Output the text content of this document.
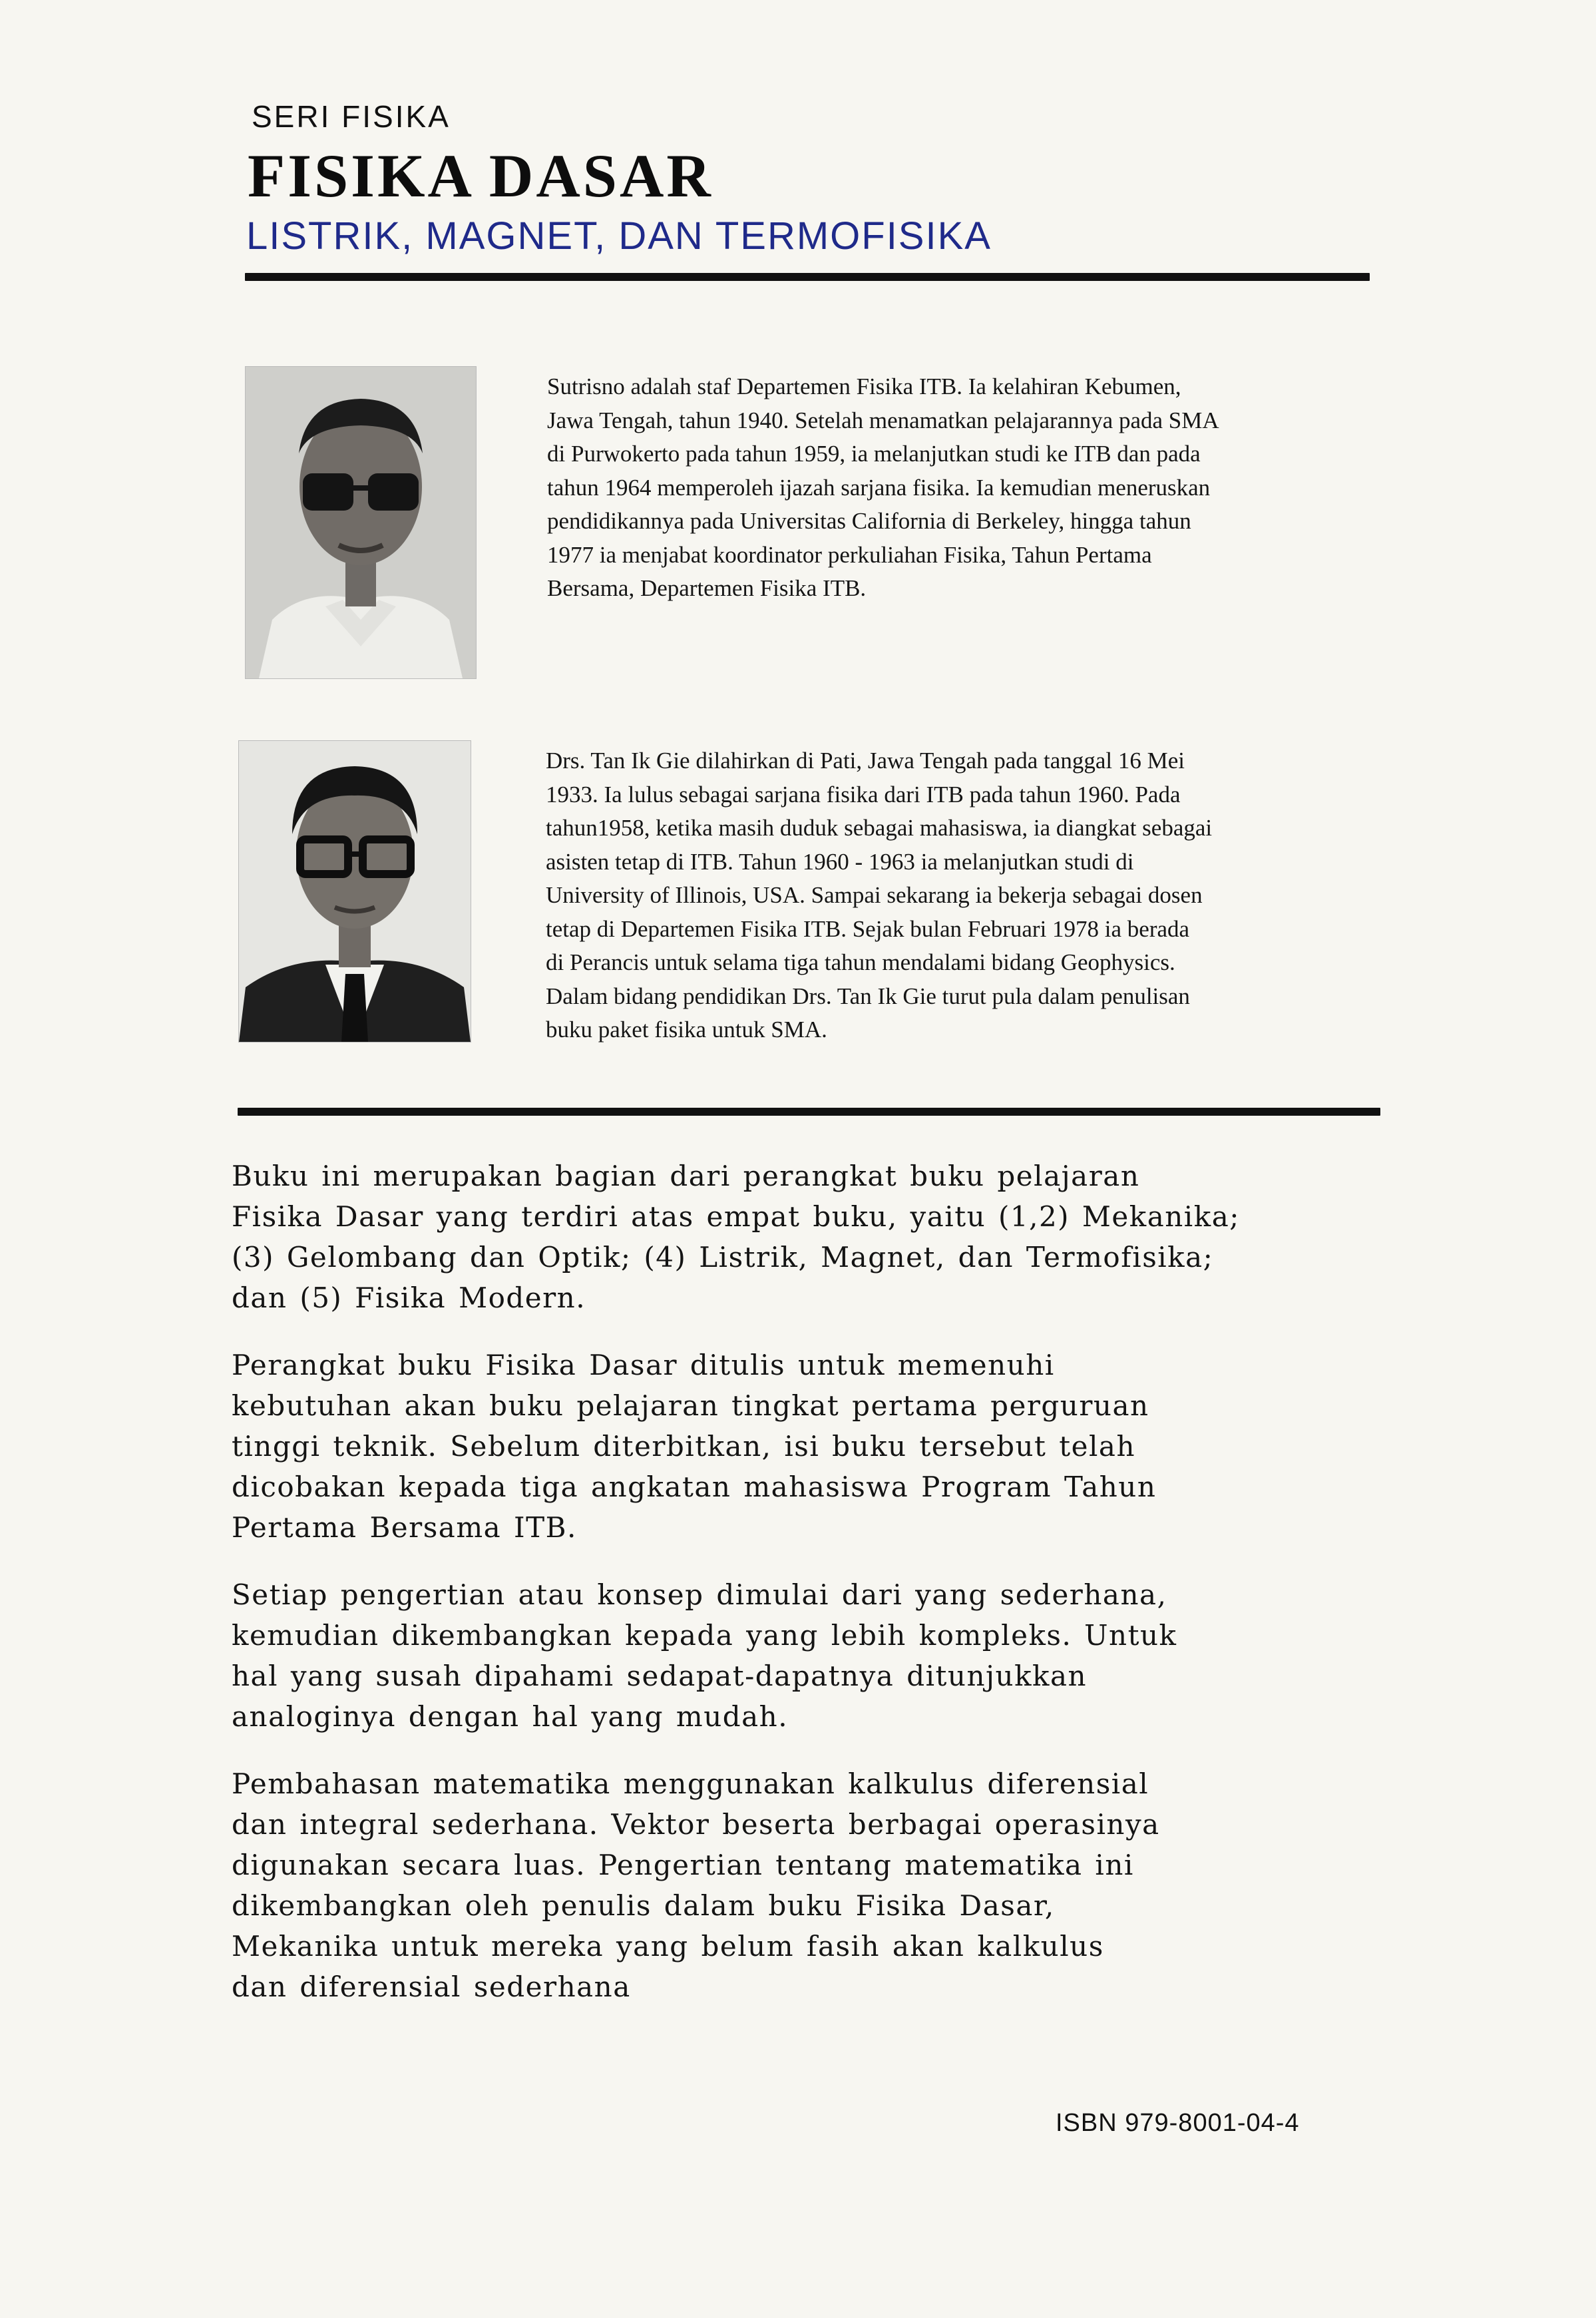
SERI FISIKA
FISIKA DASAR
LISTRIK, MAGNET, DAN TERMOFISIKA
Sutrisno adalah staf Departemen Fisika ITB. Ia kelahiran Kebumen,
Jawa Tengah, tahun 1940. Setelah menamatkan pelajarannya pada SMA
di Purwokerto pada tahun 1959, ia melanjutkan studi ke ITB dan pada
tahun 1964 memperoleh ijazah sarjana fisika. Ia kemudian meneruskan
pendidikannya pada Universitas California di Berkeley, hingga tahun
1977 ia menjabat koordinator perkuliahan Fisika, Tahun Pertama
Bersama, Departemen Fisika ITB.
Drs. Tan Ik Gie dilahirkan di Pati, Jawa Tengah pada tanggal 16 Mei
1933. Ia lulus sebagai sarjana fisika dari ITB pada tahun 1960. Pada
tahun1958, ketika masih duduk sebagai mahasiswa, ia diangkat sebagai
asisten tetap di ITB. Tahun 1960 - 1963 ia melanjutkan studi di
University of Illinois, USA. Sampai sekarang ia bekerja sebagai dosen
tetap di Departemen Fisika ITB. Sejak bulan Februari 1978 ia berada
di Perancis untuk selama tiga tahun mendalami bidang Geophysics.
Dalam bidang pendidikan Drs. Tan Ik Gie turut pula dalam penulisan
buku paket fisika untuk SMA.

Buku ini merupakan bagian dari perangkat buku pelajaran
Fisika Dasar yang terdiri atas empat buku, yaitu (1,2) Mekanika;
(3) Gelombang dan Optik; (4) Listrik, Magnet, dan Termofisika;
dan (5) Fisika Modern.

Perangkat buku Fisika Dasar ditulis untuk memenuhi
kebutuhan akan buku pelajaran tingkat pertama perguruan
tinggi teknik. Sebelum diterbitkan, isi buku tersebut telah
dicobakan kepada tiga angkatan mahasiswa Program Tahun
Pertama Bersama ITB.

Setiap pengertian atau konsep dimulai dari yang sederhana,
kemudian dikembangkan kepada yang lebih kompleks. Untuk
hal yang susah dipahami sedapat-dapatnya ditunjukkan
analoginya dengan hal yang mudah.

Pembahasan matematika menggunakan kalkulus diferensial
dan integral sederhana. Vektor beserta berbagai operasinya
digunakan secara luas. Pengertian tentang matematika ini
dikembangkan oleh penulis dalam buku Fisika Dasar,
Mekanika untuk mereka yang belum fasih akan kalkulus
dan diferensial sederhana

ISBN 979-8001-04-4
